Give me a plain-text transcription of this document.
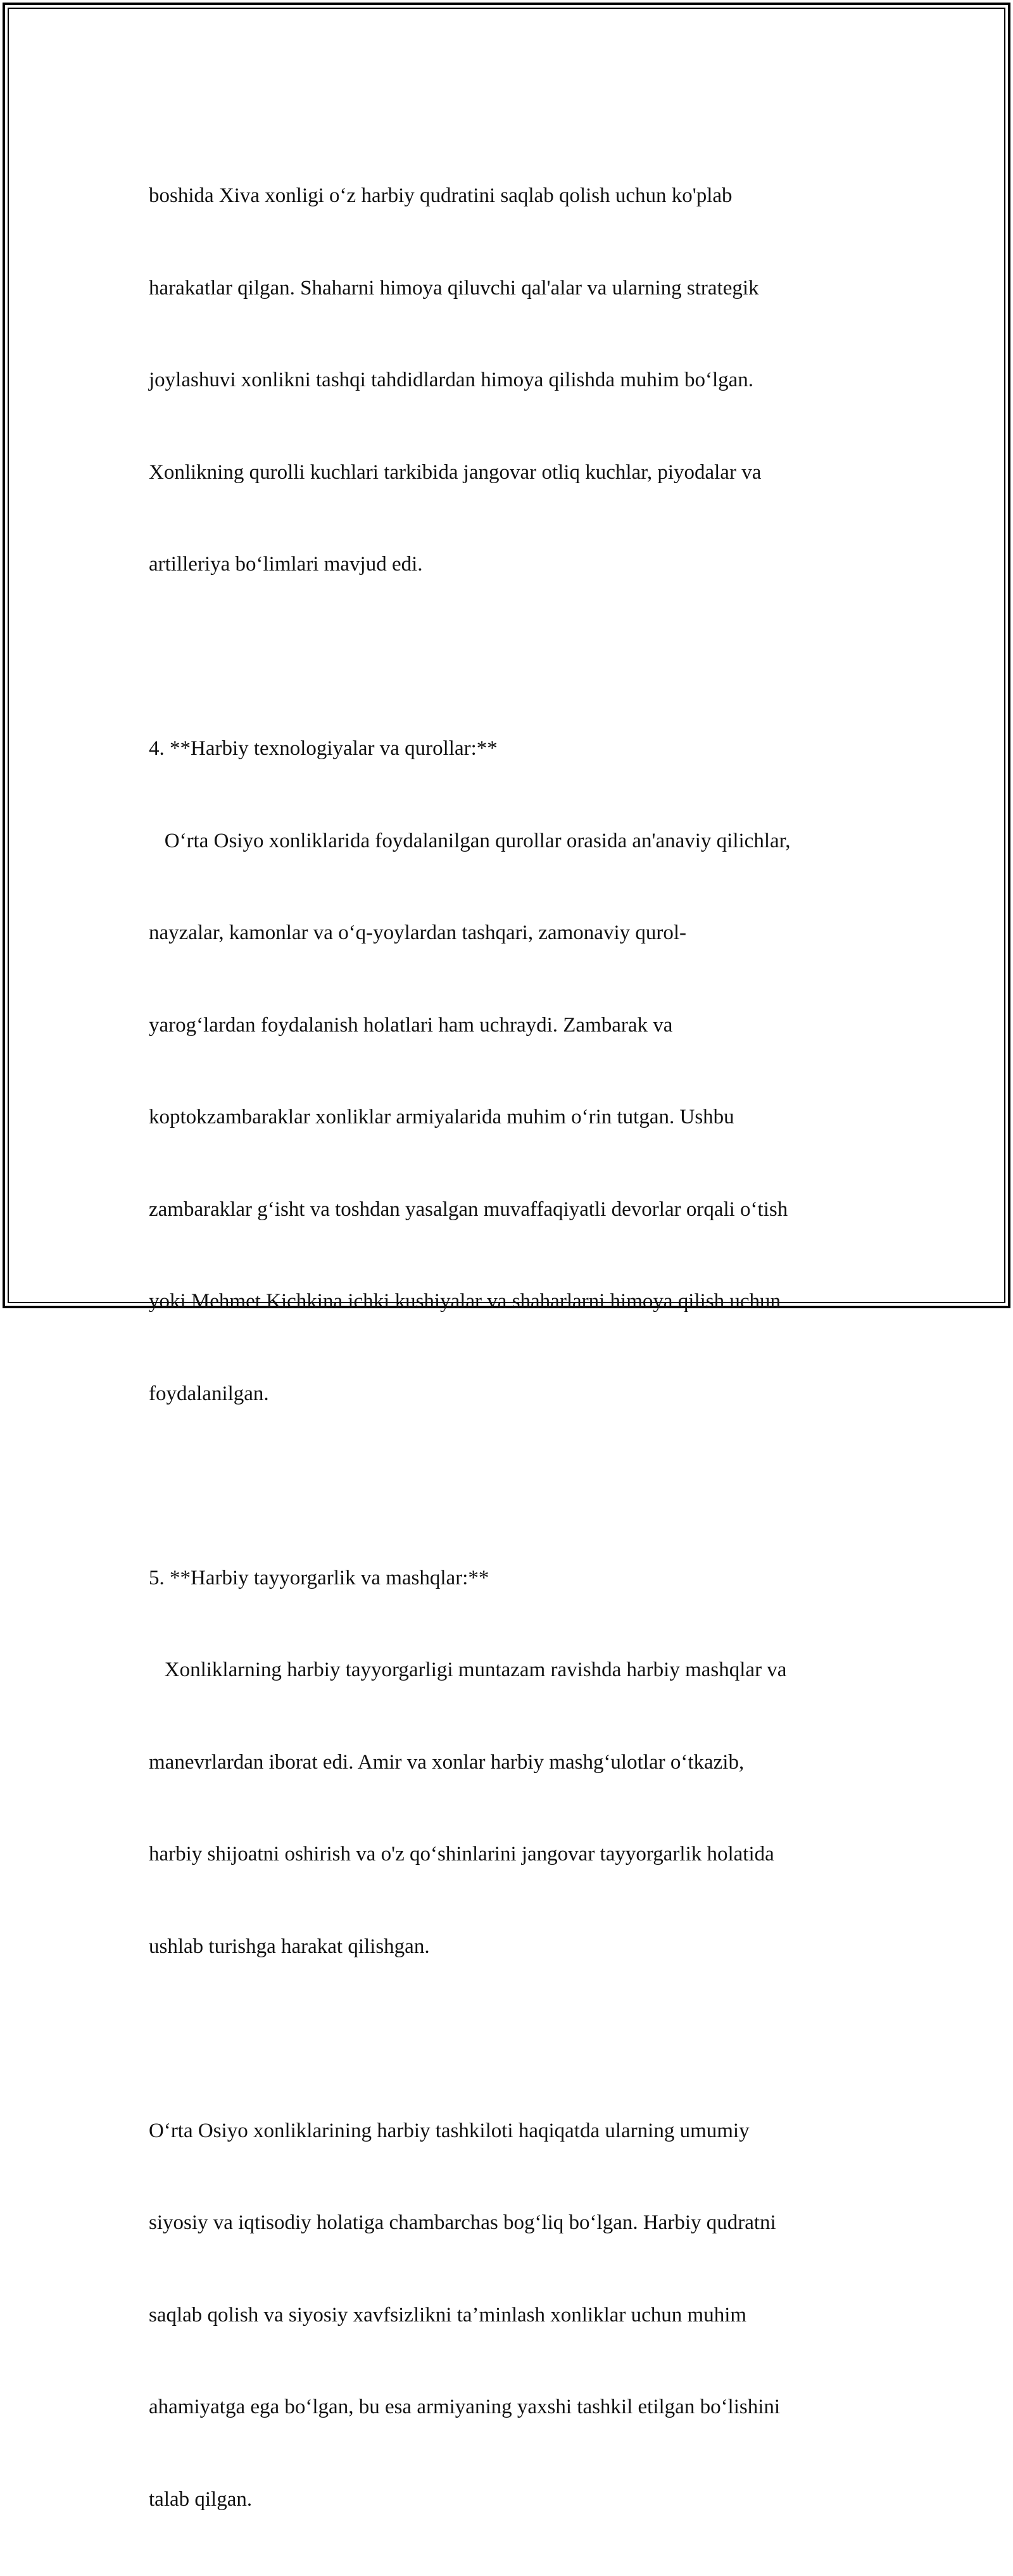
boshida Xiva xonligi o‘z harbiy qudratini saqlab qolish uchun ko'plab

harakatlar qilgan. Shaharni himoya qiluvchi qal'alar va ularning strategik

joylashuvi xonlikni tashqi tahdidlardan himoya qilishda muhim bo‘lgan.

Xonlikning qurolli kuchlari tarkibida jangovar otliq kuchlar, piyodalar va

artilleriya bo‘limlari mavjud edi.

4. **Harbiy texnologiyalar va qurollar:**

O‘rta Osiyo xonliklarida foydalanilgan qurollar orasida an'anaviy qilichlar,

nayzalar, kamonlar va o‘q-yoylardan tashqari, zamonaviy qurol-

yarog‘lardan foydalanish holatlari ham uchraydi. Zambarak va

koptokzambaraklar xonliklar armiyalarida muhim o‘rin tutgan. Ushbu

zambaraklar g‘isht va toshdan yasalgan muvaffaqiyatli devorlar orqali o‘tish

yoki Mehmet Kichkina ichki kushiyalar va shaharlarni himoya qilish uchun

foydalanilgan.

5. **Harbiy tayyorgarlik va mashqlar:**

Xonliklarning harbiy tayyorgarligi muntazam ravishda harbiy mashqlar va

manevrlardan iborat edi. Amir va xonlar harbiy mashg‘ulotlar o‘tkazib,

harbiy shijoatni oshirish va o'z qo‘shinlarini jangovar tayyorgarlik holatida

ushlab turishga harakat qilishgan.

O‘rta Osiyo xonliklarining harbiy tashkiloti haqiqatda ularning umumiy

siyosiy va iqtisodiy holatiga chambarchas bog‘liq bo‘lgan. Harbiy qudratni

saqlab qolish va siyosiy xavfsizlikni ta’minlash xonliklar uchun muhim

ahamiyatga ega bo‘lgan, bu esa armiyaning yaxshi tashkil etilgan bo‘lishini

talab qilgan.
